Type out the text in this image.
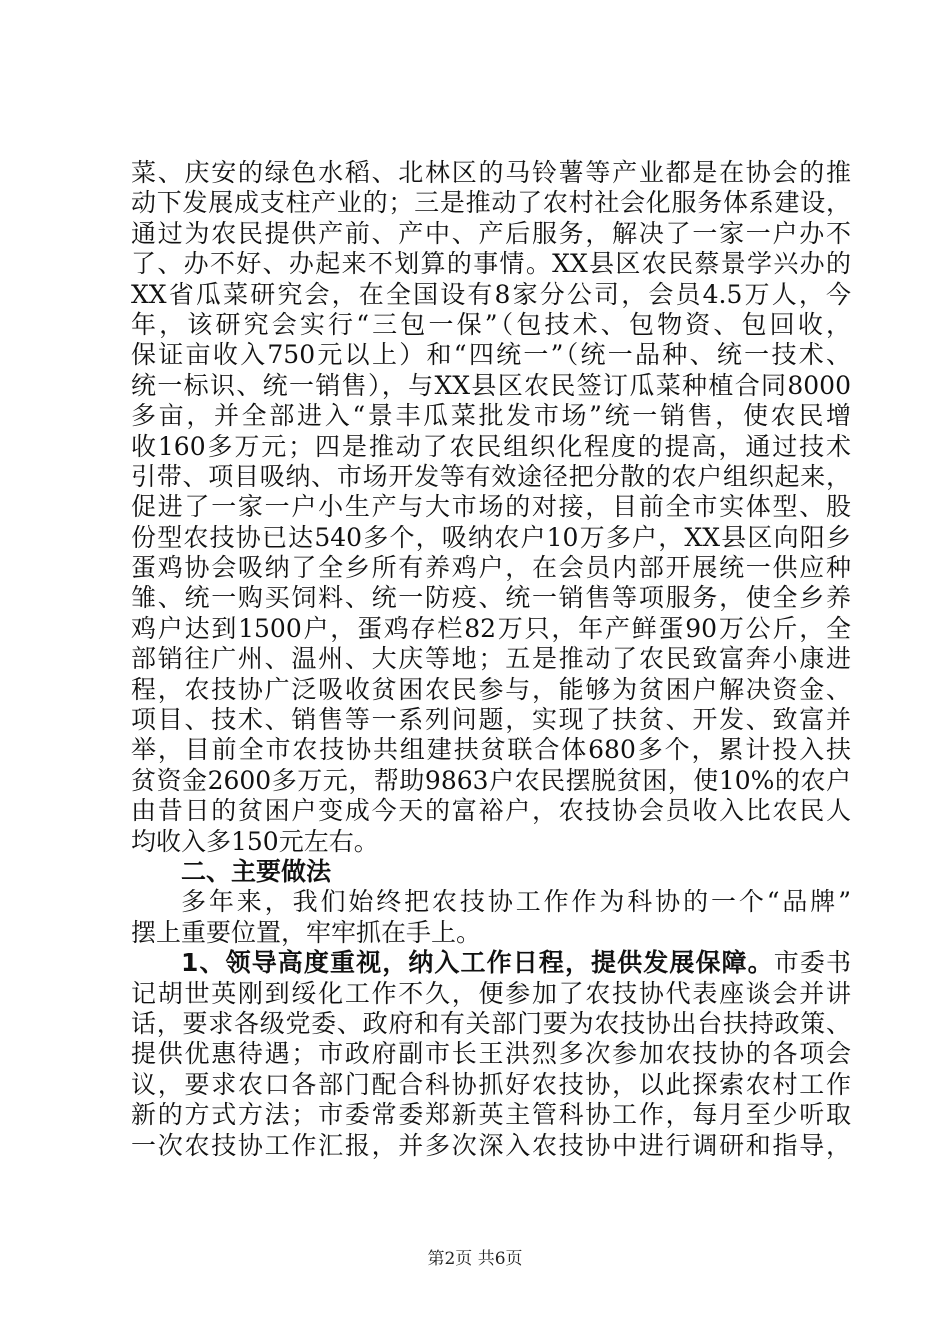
菜、庆安的绿色水稻、北林区的马铃薯等产业都是在协会的推
动下发展成支柱产业的；三是推动了农村社会化服务体系建设，
通过为农民提供产前、产中、产后服务，解决了一家一户办不
了、办不好、办起来不划算的事情。XX县区农民蔡景学兴办的
XX省瓜菜研究会，在全国设有8家分公司，会员4.5万人，今
年，该研究会实行“三包一保”（包技术、包物资、包回收，
保证亩收入750元以上）和“四统一”（统一品种、统一技术、
统一标识、统一销售），与XX县区农民签订瓜菜种植合同8000
多亩，并全部进入“景丰瓜菜批发市场”统一销售，使农民增
收160多万元；四是推动了农民组织化程度的提高，通过技术
引带、项目吸纳、市场开发等有效途径把分散的农户组织起来，
促进了一家一户小生产与大市场的对接，目前全市实体型、股
份型农技协已达540多个，吸纳农户10万多户，XX县区向阳乡
蛋鸡协会吸纳了全乡所有养鸡户，在会员内部开展统一供应种
雏、统一购买饲料、统一防疫、统一销售等项服务，使全乡养
鸡户达到1500户，蛋鸡存栏82万只，年产鲜蛋90万公斤，全
部销往广州、温州、大庆等地；五是推动了农民致富奔小康进
程，农技协广泛吸收贫困农民参与，能够为贫困户解决资金、
项目、技术、销售等一系列问题，实现了扶贫、开发、致富并
举，目前全市农技协共组建扶贫联合体680多个，累计投入扶
贫资金2600多万元，帮助9863户农民摆脱贫困，使10%的农户
由昔日的贫困户变成今天的富裕户，农技协会员收入比农民人
均收入多150元左右。
二、主要做法
多年来，我们始终把农技协工作作为科协的一个“品牌”
摆上重要位置，牢牢抓在手上。
1、领导高度重视，纳入工作日程，提供发展保障。市委书
记胡世英刚到绥化工作不久，便参加了农技协代表座谈会并讲
话，要求各级党委、政府和有关部门要为农技协出台扶持政策、
提供优惠待遇；市政府副市长王洪烈多次参加农技协的各项会
议，要求农口各部门配合科协抓好农技协，以此探索农村工作
新的方式方法；市委常委郑新英主管科协工作，每月至少听取
一次农技协工作汇报，并多次深入农技协中进行调研和指导，
第2页 共6页
